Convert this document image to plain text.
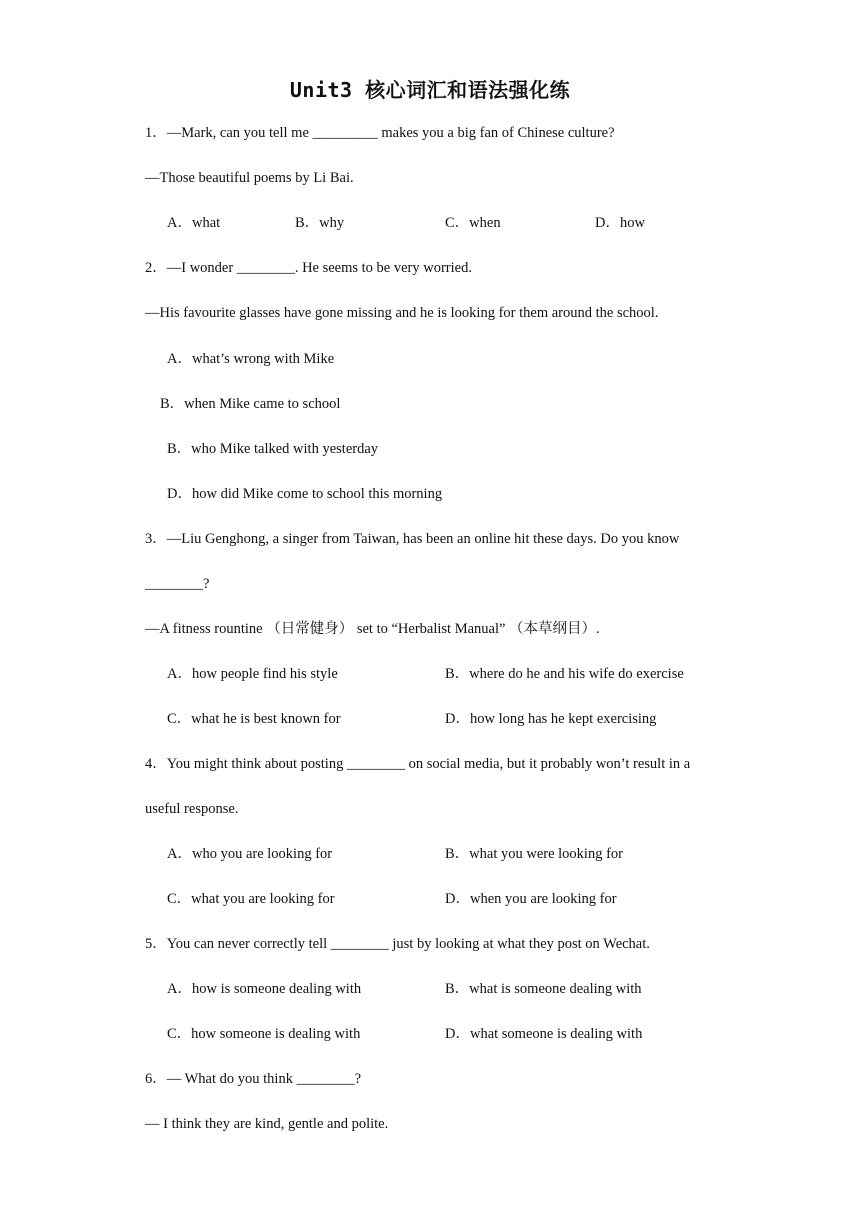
Unit3 核心词汇和语法强化练
1．—Mark, can you tell me _________ makes you a big fan of Chinese culture?
—Those beautiful poems by Li Bai.
A．what	B．why	C．when	D．how
2．—I wonder ________. He seems to be very worried.
—His favourite glasses have gone missing and he is looking for them around the school.
A．what’s wrong with Mike
B．when Mike came to school
B．who Mike talked with yesterday
D．how did Mike come to school this morning
3．—Liu Genghong, a singer from Taiwan, has been an online hit these days. Do you know
________?
—A fitness rountine （日常健身） set to “Herbalist Manual” （本草纲目）.
A．how people find his style	B．where do he and his wife do exercise
C．what he is best known for	D．how long has he kept exercising
4．You might think about posting ________ on social media, but it probably won’t result in a
useful response.
A．who you are looking for	B．what you were looking for
C．what you are looking for	D．when you are looking for
5．You can never correctly tell ________ just by looking at what they post on Wechat.
A．how is someone dealing with	B．what is someone dealing with
C．how someone is dealing with	D．what someone is dealing with
6．— What do you think ________?
— I think they are kind, gentle and polite.
